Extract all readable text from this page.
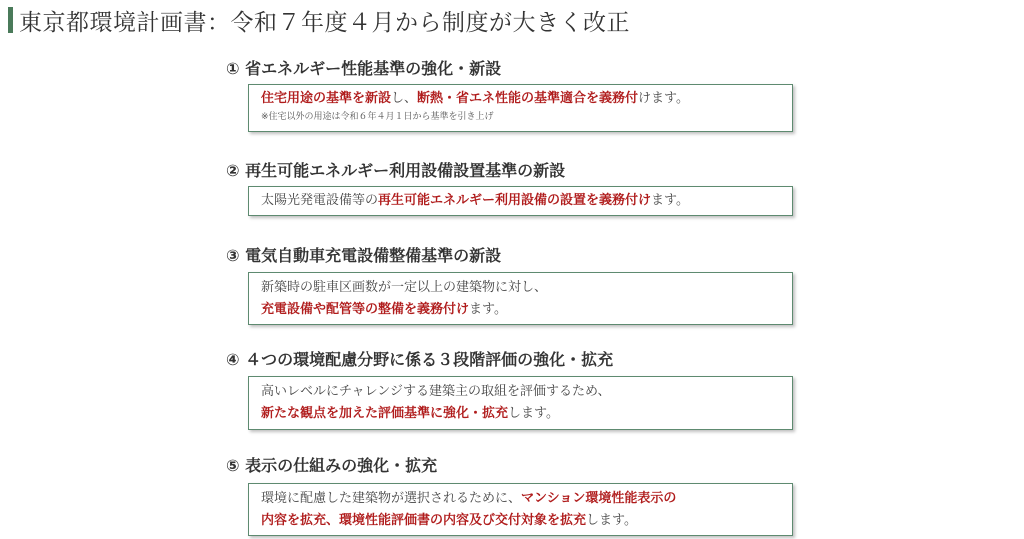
東京都環境計画書：令和７年度４月から制度が大きく改正
① 省エネルギー性能基準の強化・新設
住宅用途の基準を新設し、断熱・省エネ性能の基準適合を義務付けます。
※住宅以外の用途は令和６年４月１日から基準を引き上げ
② 再生可能エネルギー利用設備設置基準の新設
太陽光発電設備等の再生可能エネルギー利用設備の設置を義務付けます。
③ 電気自動車充電設備整備基準の新設
新築時の駐車区画数が一定以上の建築物に対し、
充電設備や配管等の整備を義務付けます。
④ ４つの環境配慮分野に係る３段階評価の強化・拡充
高いレベルにチャレンジする建築主の取組を評価するため、
新たな観点を加えた評価基準に強化・拡充します。
⑤ 表示の仕組みの強化・拡充
環境に配慮した建築物が選択されるために、マンション環境性能表示の
内容を拡充、環境性能評価書の内容及び交付対象を拡充します。
